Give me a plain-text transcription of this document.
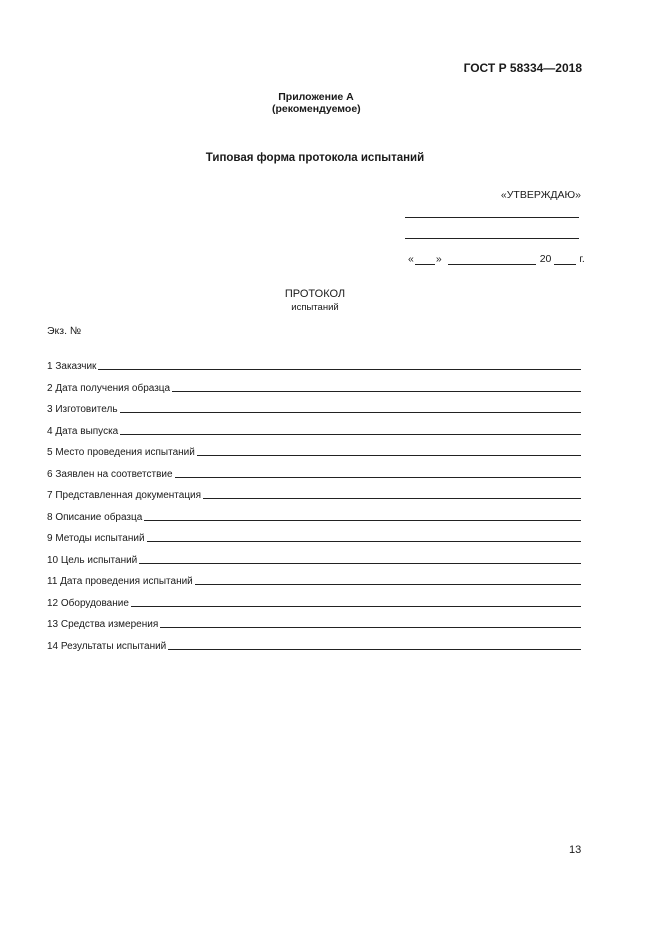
ГОСТ Р 58334—2018
Приложение А
(рекомендуемое)
Типовая форма протокола испытаний
«УТВЕРЖДАЮ»
« »	20	г.
ПРОТОКОЛ
испытаний
Экз. №
1 Заказчик
2 Дата получения образца
3 Изготовитель
4 Дата выпуска
5 Место проведения испытаний
6 Заявлен на соответствие
7 Представленная документация
8 Описание образца
9 Методы испытаний
10 Цель испытаний
11 Дата проведения испытаний
12 Оборудование
13 Средства измерения
14 Результаты испытаний
13
